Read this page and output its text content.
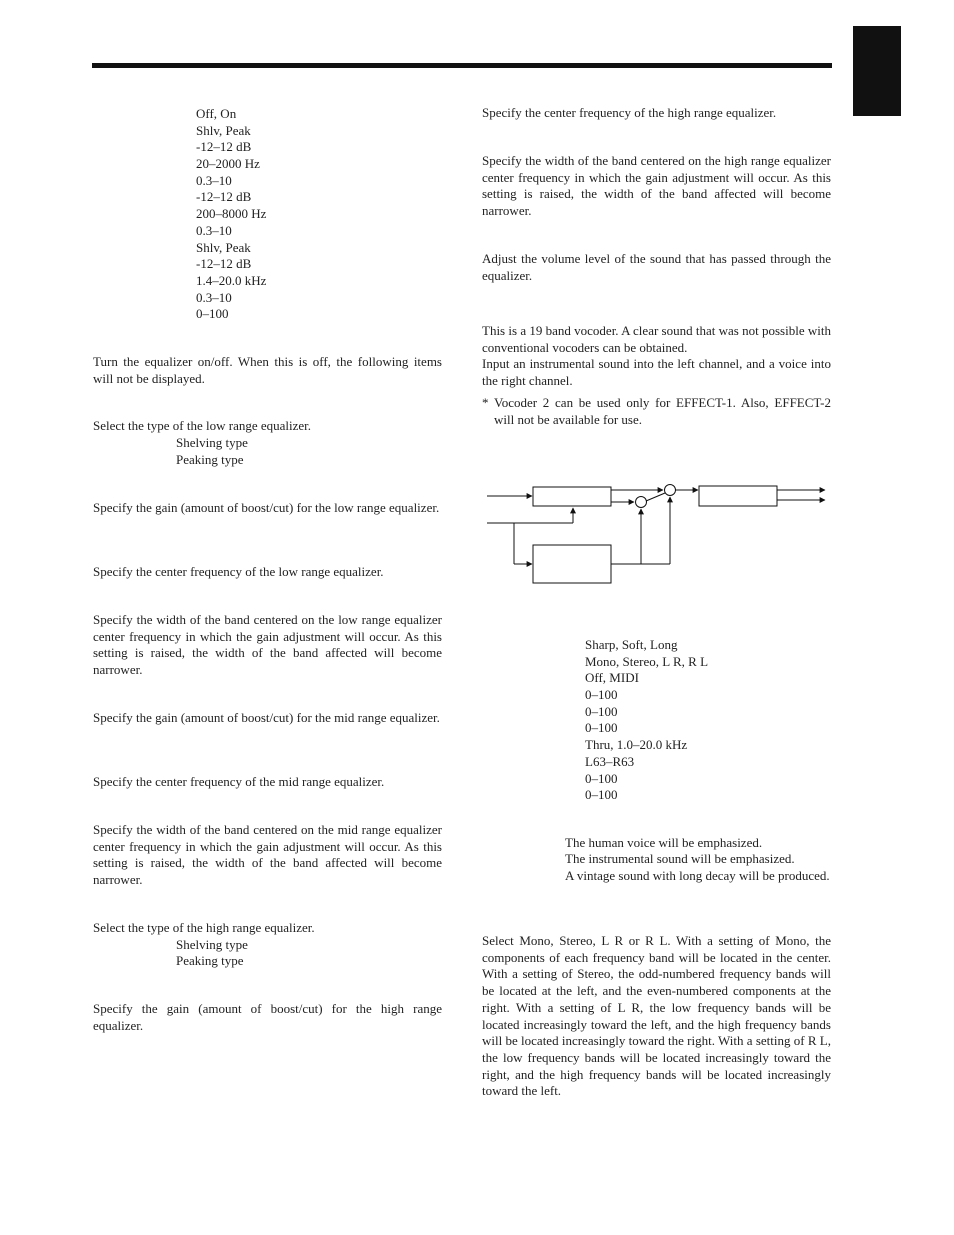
Off, On
Shlv, Peak
-12–12 dB
20–2000 Hz
0.3–10
-12–12 dB
200–8000 Hz
0.3–10
Shlv, Peak
-12–12 dB
1.4–20.0 kHz
0.3–10
0–100
Turn the equalizer on/off. When this is off, the following items will not be displayed.
Select the type of the low range equalizer.
Shelving type
Peaking type
Specify the gain (amount of boost/cut) for the low range equalizer.
Specify the center frequency of the low range equalizer.
Specify the width of the band centered on the low range equalizer center frequency in which the gain adjustment will occur. As this setting is raised, the width of the band affected will become narrower.
Specify the gain (amount of boost/cut) for the mid range equalizer.
Specify the center frequency of the mid range equalizer.
Specify the width of the band centered on the mid range equalizer center frequency in which the gain adjustment will occur. As this setting is raised, the width of the band affected will become narrower.
Select the type of the high range equalizer.
Shelving type
Peaking type
Specify the gain (amount of boost/cut) for the high range equalizer.
Specify the center frequency of the high range equalizer.
Specify the width of the band centered on the high range equalizer center frequency in which the gain adjustment will occur. As this setting is raised, the width of the band affected will become narrower.
Adjust the volume level of the sound that has passed through the equalizer.

This is a 19 band vocoder. A clear sound that was not possible with conventional vocoders can be obtained.

Input an instrumental sound into the left channel, and a voice into the right channel.

* Vocoder 2 can be used only for EFFECT-1. Also, EFFECT-2 will not be available for use.
Sharp, Soft, Long
Mono, Stereo, L R, R L
Off, MIDI
0–100
0–100
0–100
Thru, 1.0–20.0 kHz
L63–R63
0–100
0–100
The human voice will be emphasized.
The instrumental sound will be emphasized.
A vintage sound with long decay will be produced.
Select Mono, Stereo, L R or R L. With a setting of Mono, the components of each frequency band will be located in the center. With a setting of Stereo, the odd-numbered frequency bands will be located at the left, and the even-numbered components at the right. With a setting of L R, the low frequency bands will be located increasingly toward the left, and the high frequency bands will be located increasingly toward the right. With a setting of R L, the low frequency bands will be located increasingly toward the right, and the high frequency bands will be located increasingly toward the left.
